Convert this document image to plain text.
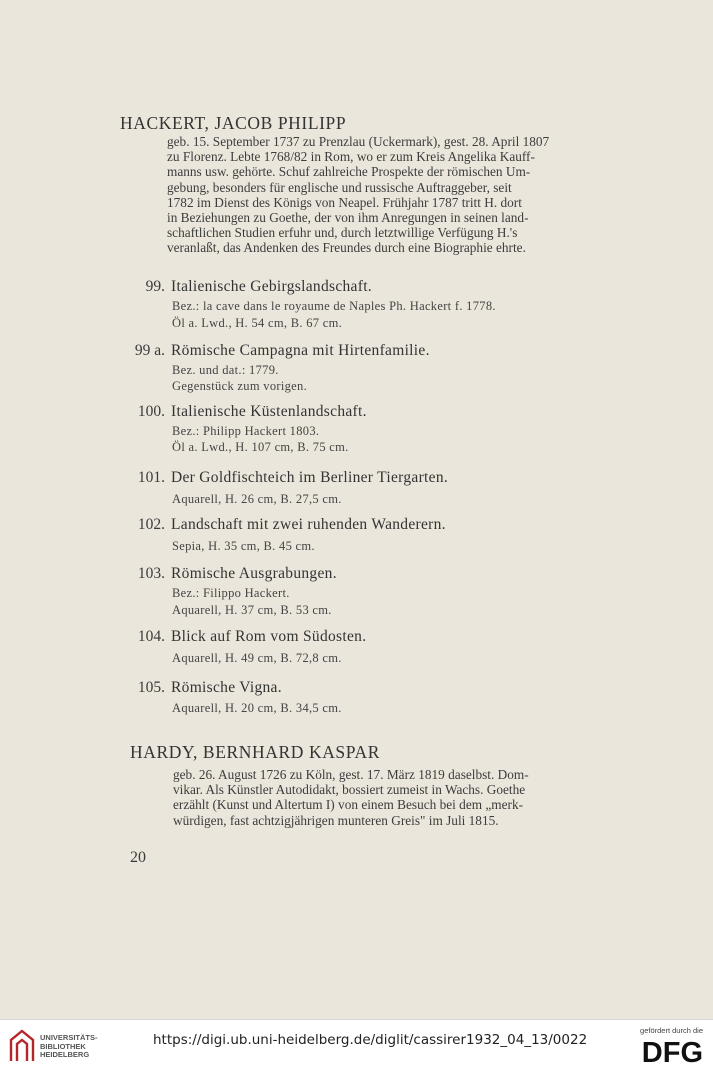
HACKERT, JACOB PHILIPP

geb. 15. September 1737 zu Prenzlau (Uckermark), gest. 28. April 1807

zu Florenz. Lebte 1768/82 in Rom, wo er zum Kreis Angelika Kauff-

manns usw. gehörte. Schuf zahlreiche Prospekte der römischen Um-

gebung, besonders für englische und russische Auftraggeber, seit

1782 im Dienst des Königs von Neapel. Frühjahr 1787 tritt H. dort

in Beziehungen zu Goethe, der von ihm Anregungen in seinen land-

schaftlichen Studien erfuhr und, durch letztwillige Verfügung H.'s

veranlaßt, das Andenken des Freundes durch eine Biographie ehrte.

99. Italienische Gebirgslandschaft.
Bez.: la cave dans le royaume de Naples Ph. Hackert f. 1778.
Öl a. Lwd., H. 54 cm, B. 67 cm.
99 a. Römische Campagna mit Hirtenfamilie.
Bez. und dat.: 1779.
Gegenstück zum vorigen.
100. Italienische Küstenlandschaft.
Bez.: Philipp Hackert 1803.
Öl a. Lwd., H. 107 cm, B. 75 cm.
101. Der Goldfischteich im Berliner Tiergarten.
Aquarell, H. 26 cm, B. 27,5 cm.
102. Landschaft mit zwei ruhenden Wanderern.
Sepia, H. 35 cm, B. 45 cm.
103. Römische Ausgrabungen.
Bez.: Filippo Hackert.
Aquarell, H. 37 cm, B. 53 cm.
104. Blick auf Rom vom Südosten.
Aquarell, H. 49 cm, B. 72,8 cm.
105. Römische Vigna.
Aquarell, H. 20 cm, B. 34,5 cm.
HARDY, BERNHARD KASPAR

geb. 26. August 1726 zu Köln, gest. 17. März 1819 daselbst. Dom-

vikar. Als Künstler Autodidakt, bossiert zumeist in Wachs. Goethe

erzählt (Kunst und Altertum I) von einem Besuch bei dem „merk-

würdigen, fast achtzigjährigen munteren Greis" im Juli 1815.

20
UNIVERSITÄTS-
BIBLIOTHEK
HEIDELBERG
https://digi.ub.uni-heidelberg.de/diglit/cassirer1932_04_13/0022
gefördert durch die
DFG
